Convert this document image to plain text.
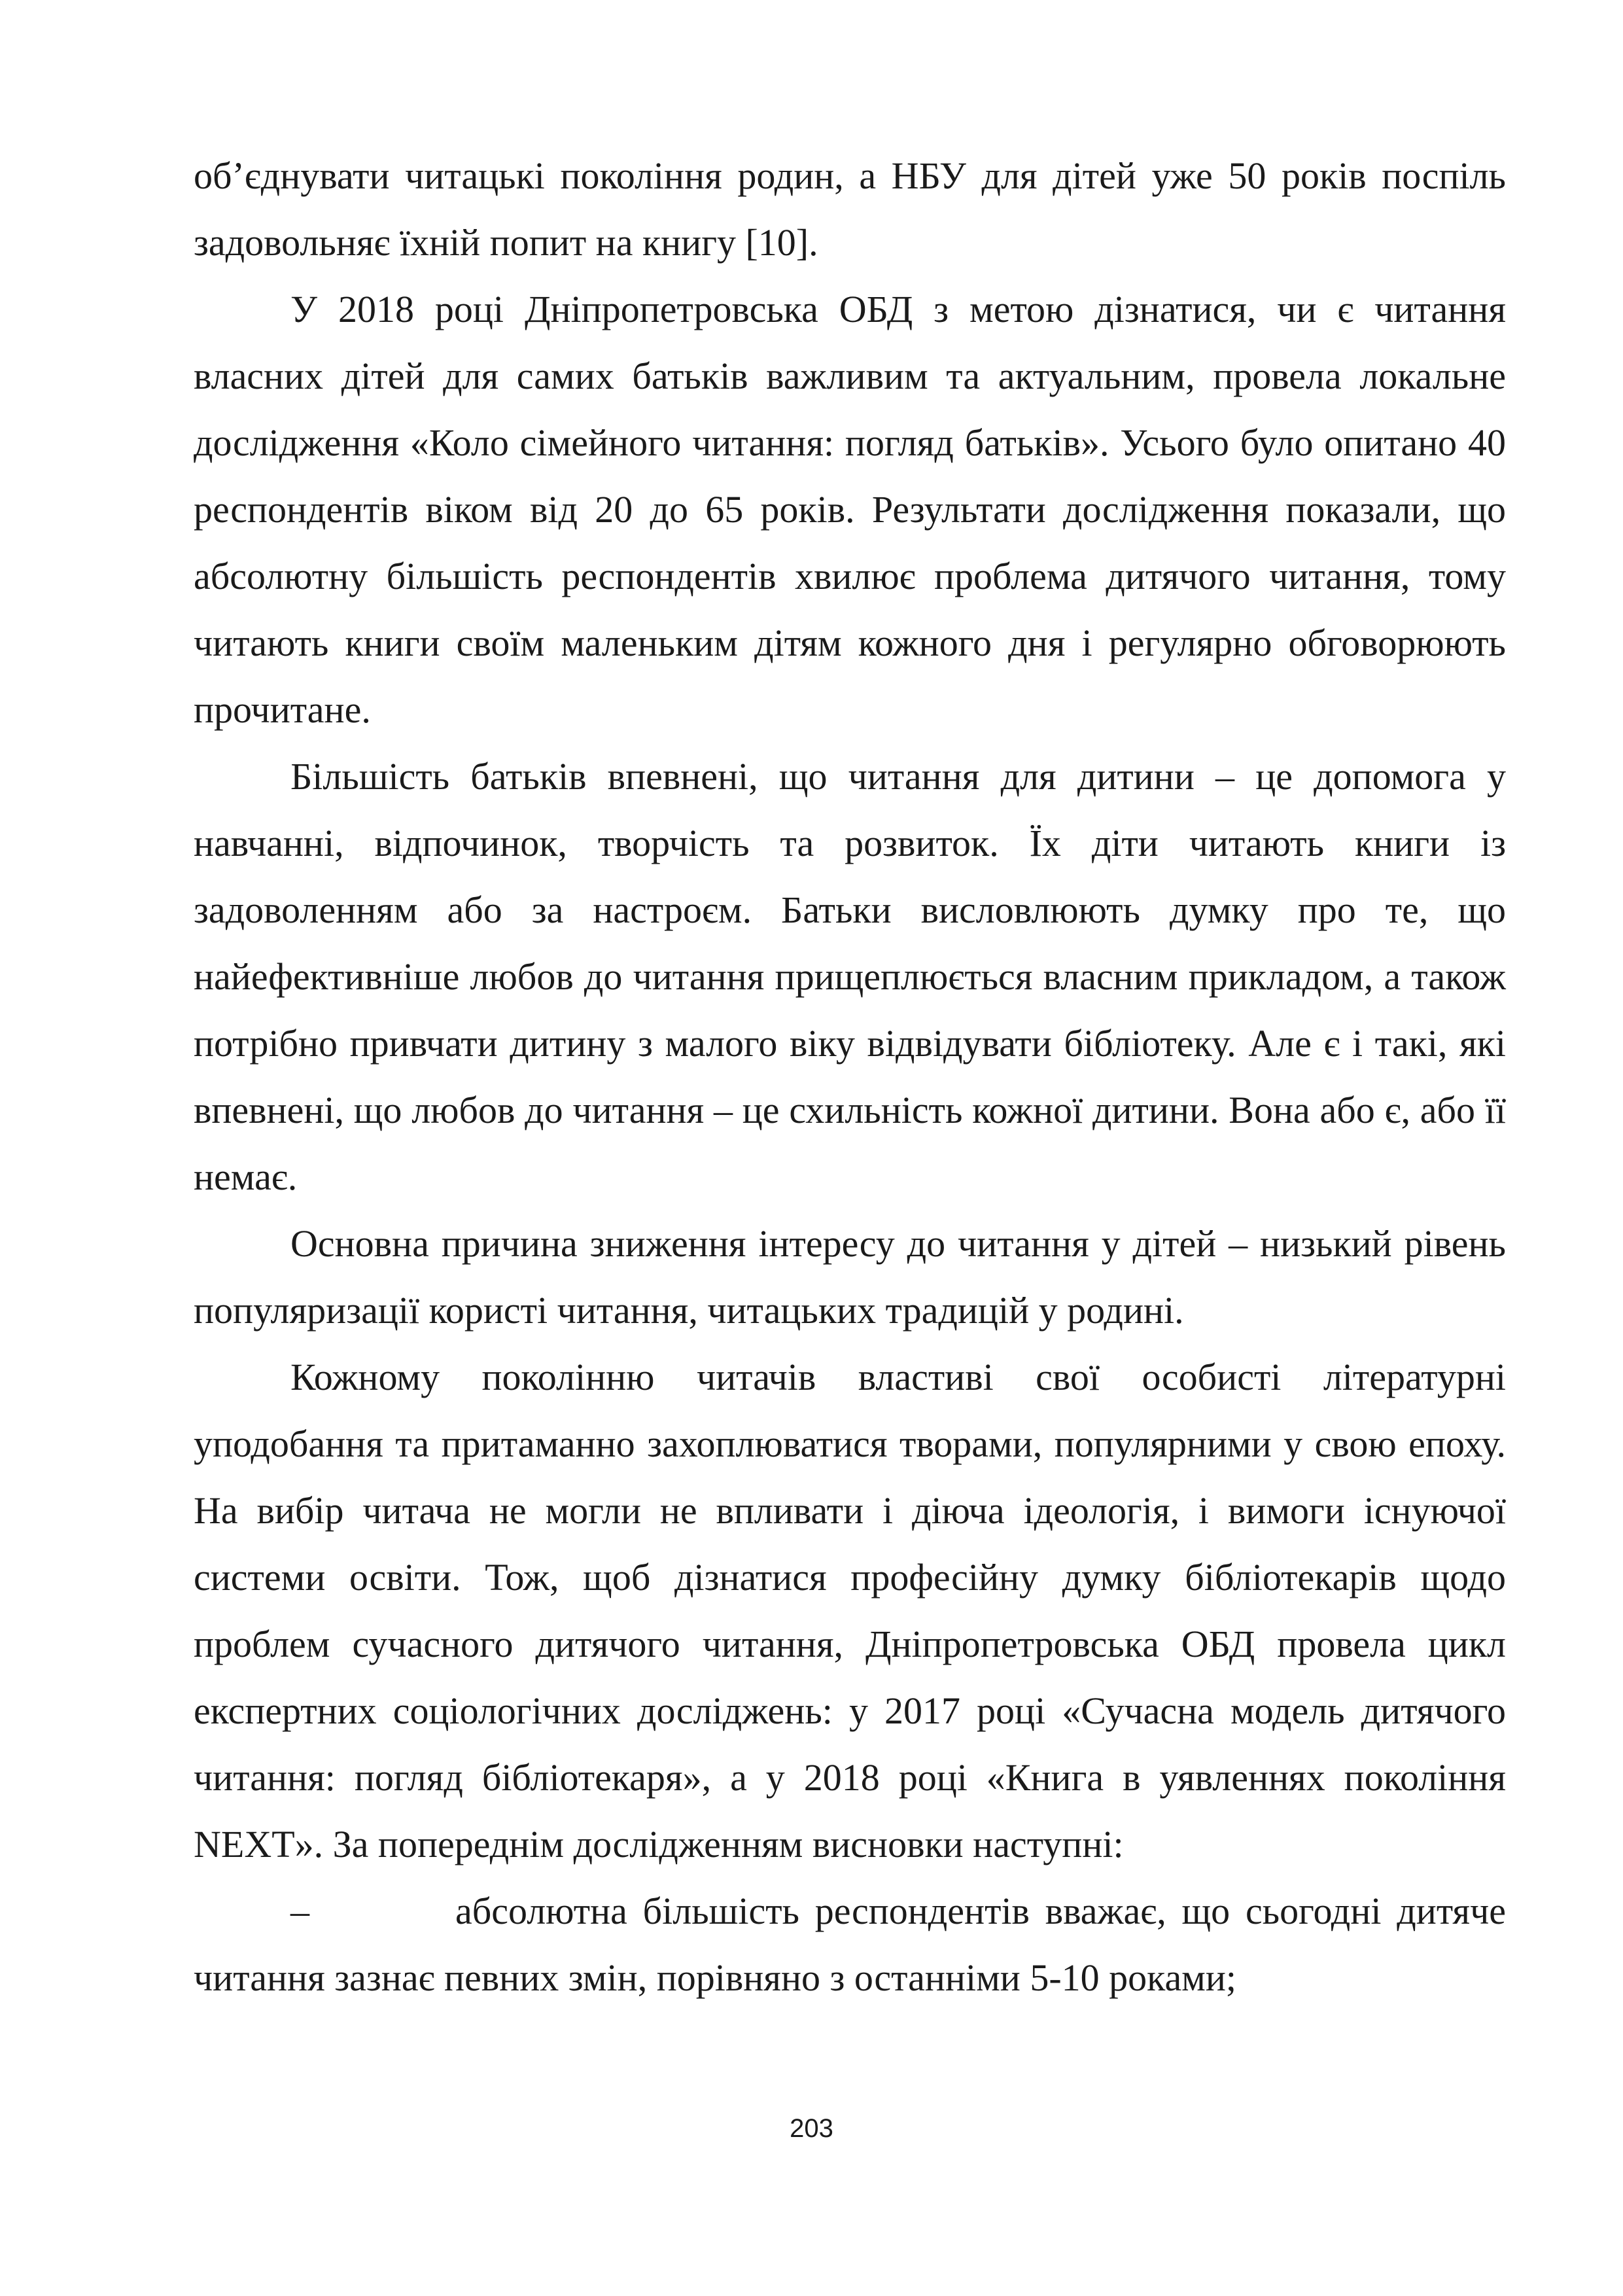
об’єднувати читацькі покоління родин, а НБУ для дітей уже 50 років поспіль задовольняє їхній попит на книгу [10].

У 2018 році Дніпропетровська ОБД з метою дізнатися, чи є читання власних дітей для самих батьків важливим та актуальним, провела локальне дослідження «Коло сімейного читання: погляд батьків». Усього було опитано 40 респондентів віком від 20 до 65 років. Результати дослідження показали, що абсолютну більшість респондентів хвилює проблема дитячого читання, тому читають книги своїм маленьким дітям кожного дня і регулярно обговорюють прочитане.

Більшість батьків впевнені, що читання для дитини – це допомога у навчанні, відпочинок, творчість та розвиток. Їх діти читають книги із задоволенням або за настроєм. Батьки висловлюють думку про те, що найефективніше любов до читання прищеплюється власним прикладом, а також потрібно привчати дитину з малого віку відвідувати бібліотеку. Але є і такі, які впевнені, що любов до читання – це схильність кожної дитини. Вона або є, або її немає.

Основна причина зниження інтересу до читання у дітей – низький рівень популяризації користі читання, читацьких традицій у родині.

Кожному поколінню читачів властиві свої особисті літературні уподобання та притаманно захоплюватися творами, популярними у свою епоху. На вибір читача не могли не впливати і діюча ідеологія, і вимоги існуючої системи освіти. Тож, щоб дізнатися професійну думку бібліотекарів щодо проблем сучасного дитячого читання, Дніпропетровська ОБД провела цикл експертних соціологічних досліджень: у 2017 році «Сучасна модель дитячого читання: погляд бібліотекаря», а у 2018 році «Книга в уявленнях покоління NEXT». За попереднім дослідженням висновки наступні:

–	абсолютна більшість респондентів вважає, що сьогодні дитяче читання зазнає певних змін, порівняно з останніми 5-10 роками;

203
